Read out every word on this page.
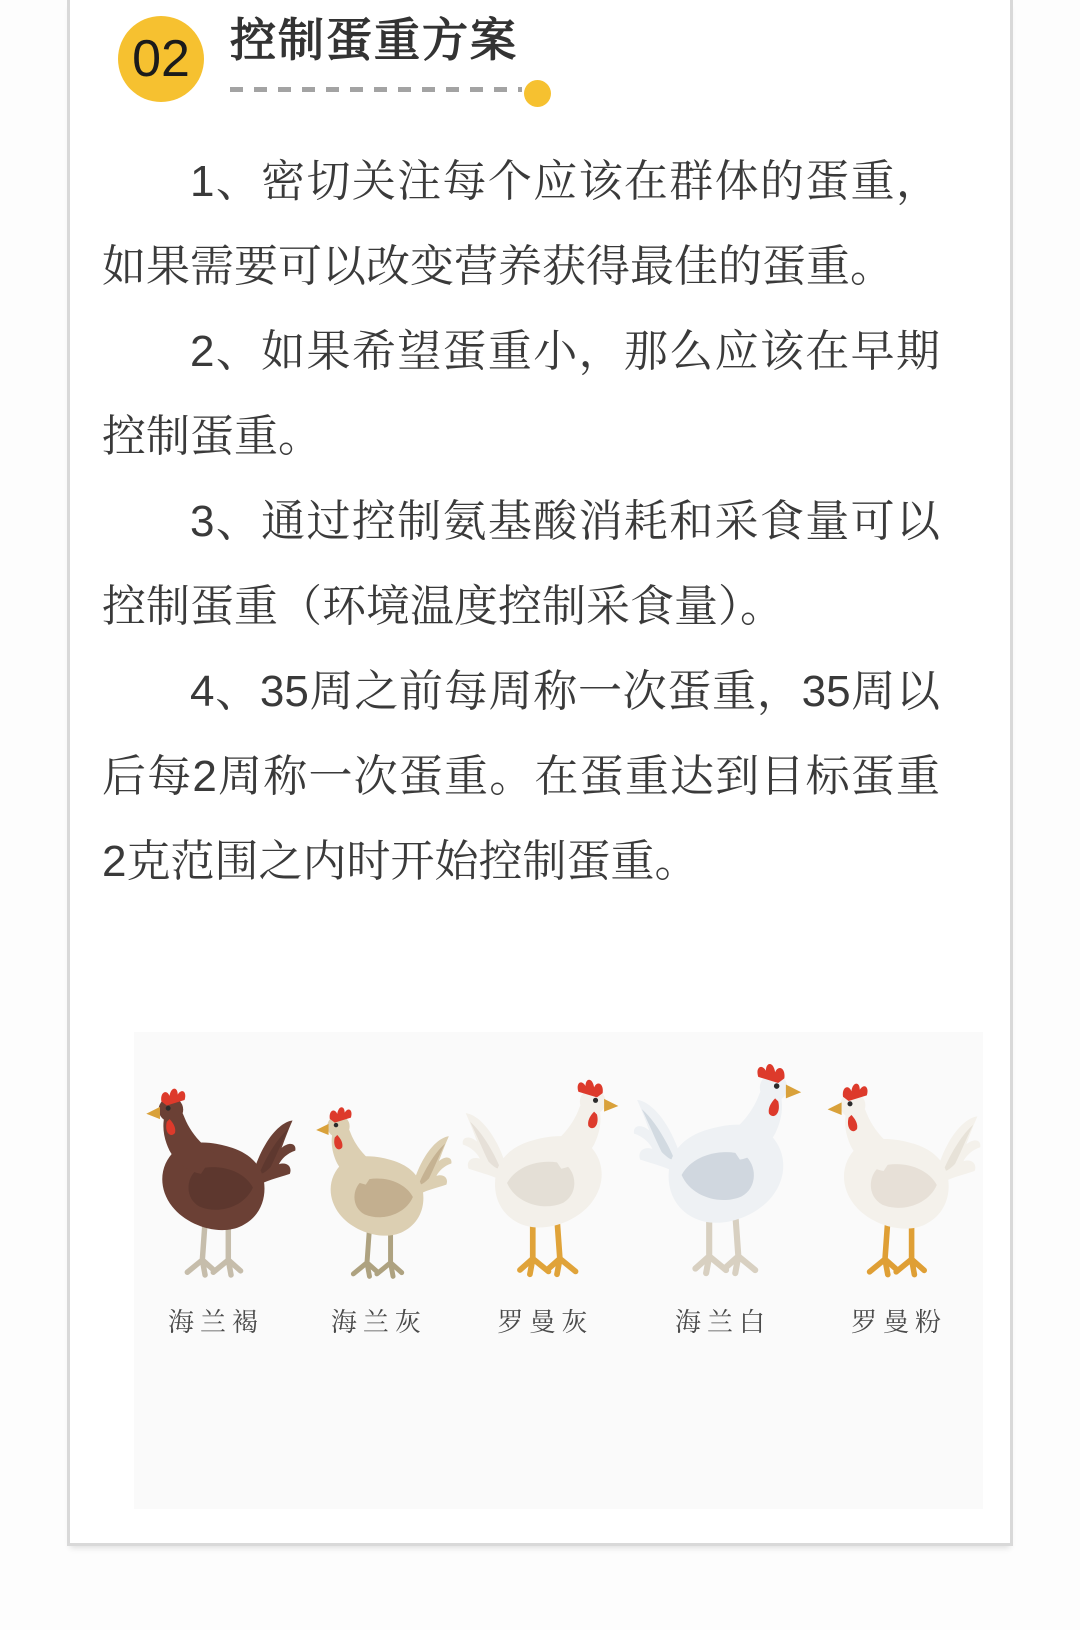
02 控制蛋重方案

1、密切关注每个应该在群体的蛋重，如果需要可以改变营养获得最佳的蛋重。

2、如果希望蛋重小，那么应该在早期控制蛋重。

3、通过控制氨基酸消耗和采食量可以控制蛋重（环境温度控制采食量）。

4、35周之前每周称一次蛋重，35周以后每2周称一次蛋重。在蛋重达到目标蛋重2克范围之内时开始控制蛋重。

海兰褐	海兰灰	罗曼灰	海兰白	罗曼粉
